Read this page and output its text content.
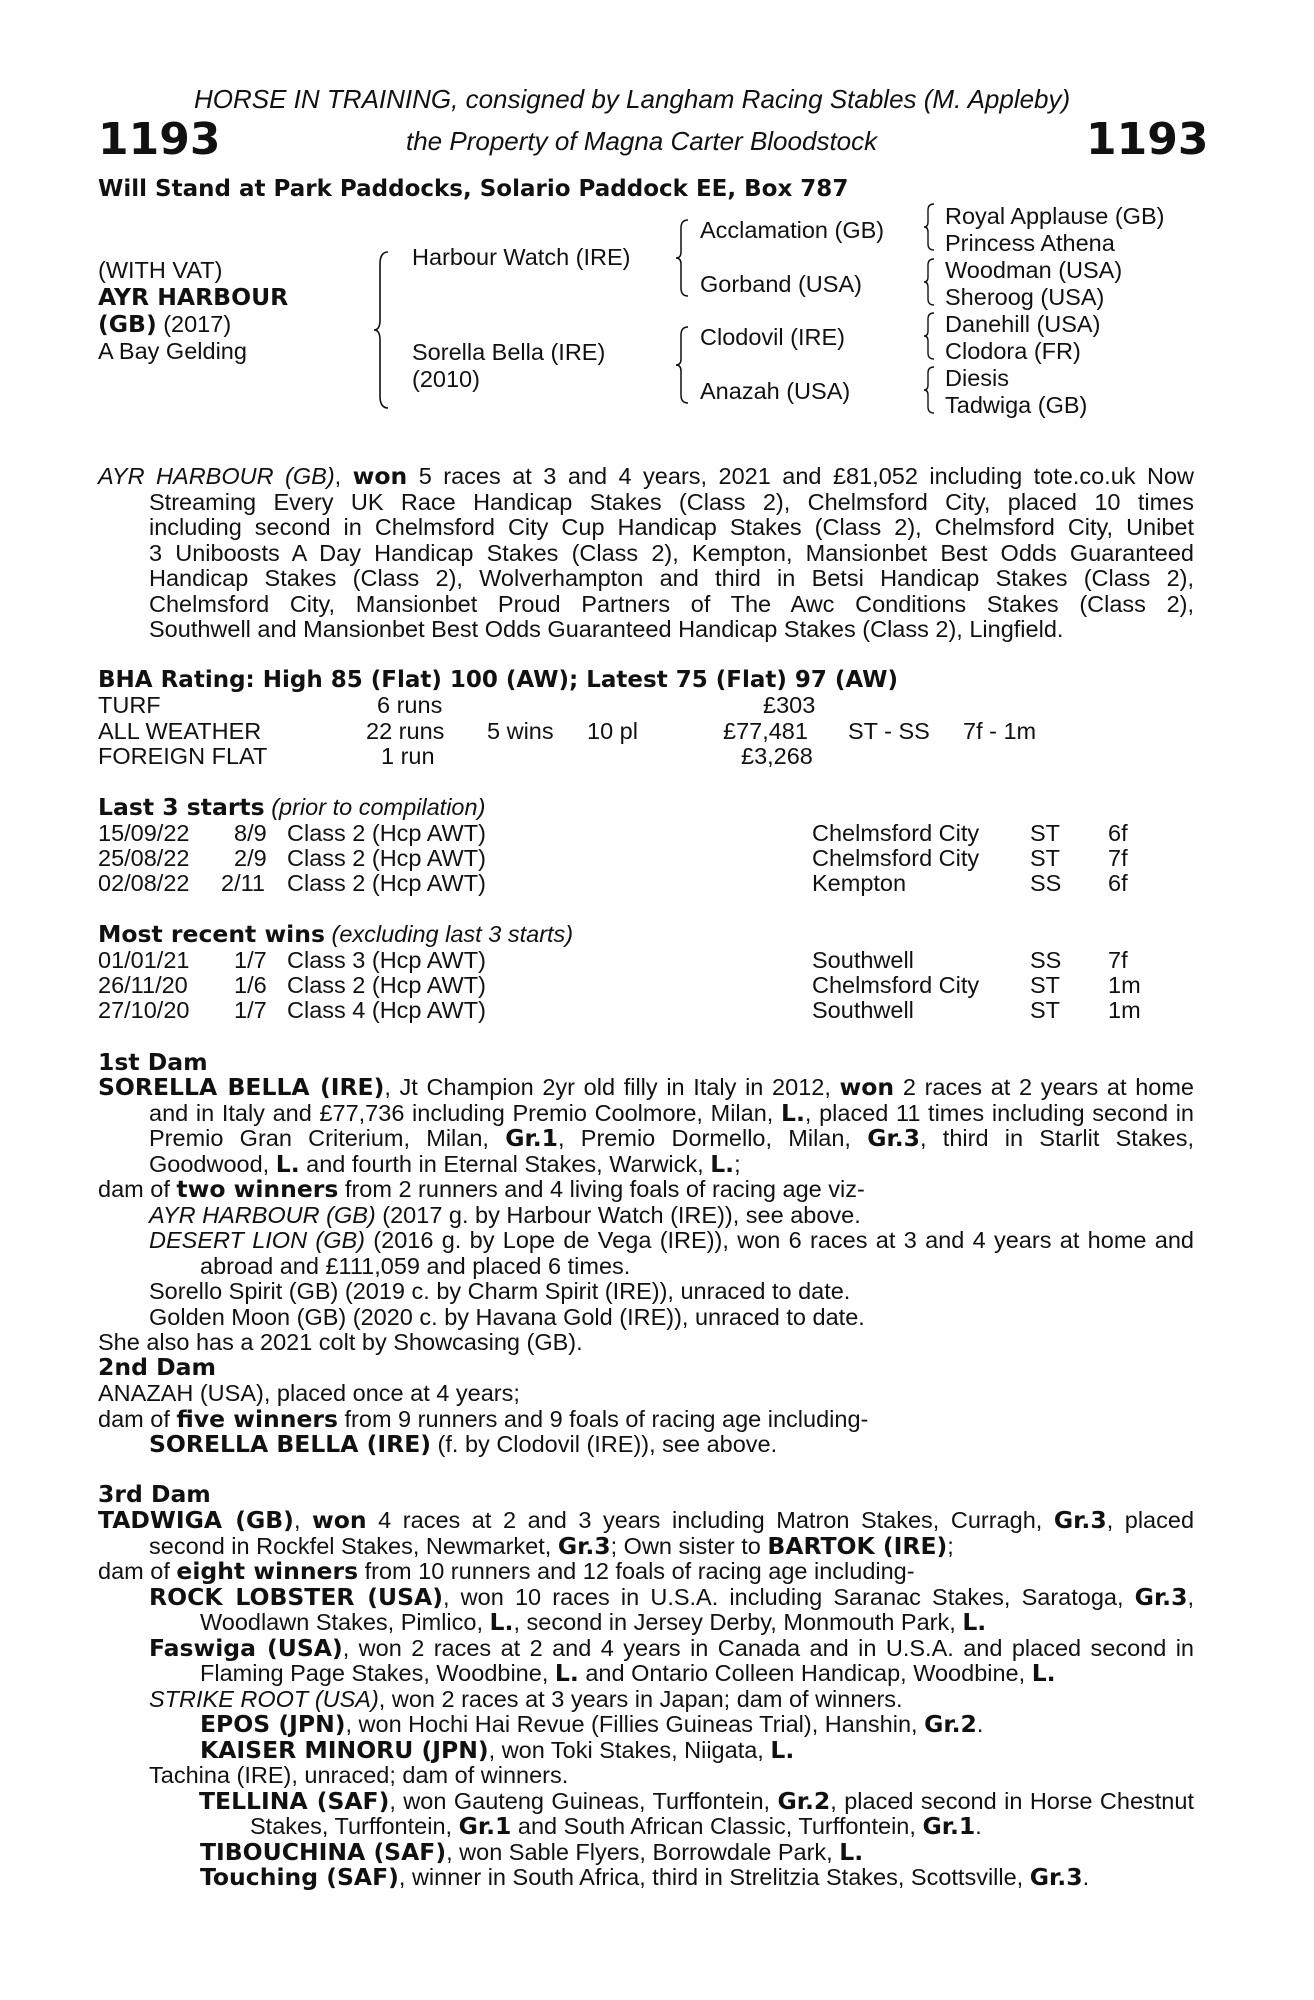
HORSE IN TRAINING, consigned by Langham Racing Stables (M. Appleby)
1193	the Property of Magna Carter Bloodstock	1193
Will Stand at Park Paddocks, Solario Paddock EE, Box 787
(WITH VAT)
AYR HARBOUR
(GB) (2017)
A Bay Gelding
Harbour Watch (IRE)
Sorella Bella (IRE)
(2010)
Acclamation (GB)
Gorband (USA)
Clodovil (IRE)
Anazah (USA)
Royal Applause (GB)
Princess Athena
Woodman (USA)
Sheroog (USA)
Danehill (USA)
Clodora (FR)
Diesis
Tadwiga (GB)

AYR HARBOUR (GB), won 5 races at 3 and 4 years, 2021 and £81,052 including tote.co.uk Now

Streaming Every UK Race Handicap Stakes (Class 2), Chelmsford City, placed 10 times

including second in Chelmsford City Cup Handicap Stakes (Class 2), Chelmsford City, Unibet

3 Uniboosts A Day Handicap Stakes (Class 2), Kempton, Mansionbet Best Odds Guaranteed

Handicap Stakes (Class 2), Wolverhampton and third in Betsi Handicap Stakes (Class 2),

Chelmsford City, Mansionbet Proud Partners of The Awc Conditions Stakes (Class 2),

Southwell and Mansionbet Best Odds Guaranteed Handicap Stakes (Class 2), Lingfield.

BHA Rating: High 85 (Flat) 100 (AW); Latest 75 (Flat) 97 (AW)
TURF	6 runs	£303
ALL WEATHER	22 runs 5 wins 10 pl	£77,481 ST - SS 7f - 1m
FOREIGN FLAT	1 run	£3,268
Last 3 starts (prior to compilation)
15/09/22 8/9 Class 2 (Hcp AWT)	Chelmsford City ST 6f
25/08/22 2/9 Class 2 (Hcp AWT)	Chelmsford City ST 7f
02/08/22 2/11 Class 2 (Hcp AWT)	Kempton	SS 6f
Most recent wins (excluding last 3 starts)
01/01/21 1/7 Class 3 (Hcp AWT)	Southwell	SS 7f
26/11/20 1/6 Class 2 (Hcp AWT)	Chelmsford City ST 1m
27/10/20 1/7 Class 4 (Hcp AWT)	Southwell	ST 1m
1st Dam

SORELLA BELLA (IRE), Jt Champion 2yr old filly in Italy in 2012, won 2 races at 2 years at home and in Italy and £77,736 including Premio Coolmore, Milan, L., placed 11 times including second in Premio Gran Criterium, Milan, Gr.1, Premio Dormello, Milan, Gr.3, third in Starlit Stakes, Goodwood, L. and fourth in Eternal Stakes, Warwick, L.;

dam of two winners from 2 runners and 4 living foals of racing age viz-

AYR HARBOUR (GB) (2017 g. by Harbour Watch (IRE)), see above.

DESERT LION (GB) (2016 g. by Lope de Vega (IRE)), won 6 races at 3 and 4 years at home and abroad and £111,059 and placed 6 times.

Sorello Spirit (GB) (2019 c. by Charm Spirit (IRE)), unraced to date.

Golden Moon (GB) (2020 c. by Havana Gold (IRE)), unraced to date.

She also has a 2021 colt by Showcasing (GB).

2nd Dam

ANAZAH (USA), placed once at 4 years;

dam of five winners from 9 runners and 9 foals of racing age including-

SORELLA BELLA (IRE) (f. by Clodovil (IRE)), see above.

3rd Dam

TADWIGA (GB), won 4 races at 2 and 3 years including Matron Stakes, Curragh, Gr.3, placed second in Rockfel Stakes, Newmarket, Gr.3; Own sister to BARTOK (IRE);

dam of eight winners from 10 runners and 12 foals of racing age including-

ROCK LOBSTER (USA), won 10 races in U.S.A. including Saranac Stakes, Saratoga, Gr.3, Woodlawn Stakes, Pimlico, L., second in Jersey Derby, Monmouth Park, L.

Faswiga (USA), won 2 races at 2 and 4 years in Canada and in U.S.A. and placed second in Flaming Page Stakes, Woodbine, L. and Ontario Colleen Handicap, Woodbine, L.

STRIKE ROOT (USA), won 2 races at 3 years in Japan; dam of winners.

EPOS (JPN), won Hochi Hai Revue (Fillies Guineas Trial), Hanshin, Gr.2.

KAISER MINORU (JPN), won Toki Stakes, Niigata, L.

Tachina (IRE), unraced; dam of winners.

TELLINA (SAF), won Gauteng Guineas, Turffontein, Gr.2, placed second in Horse Chestnut Stakes, Turffontein, Gr.1 and South African Classic, Turffontein, Gr.1.

TIBOUCHINA (SAF), won Sable Flyers, Borrowdale Park, L.

Touching (SAF), winner in South Africa, third in Strelitzia Stakes, Scottsville, Gr.3.
